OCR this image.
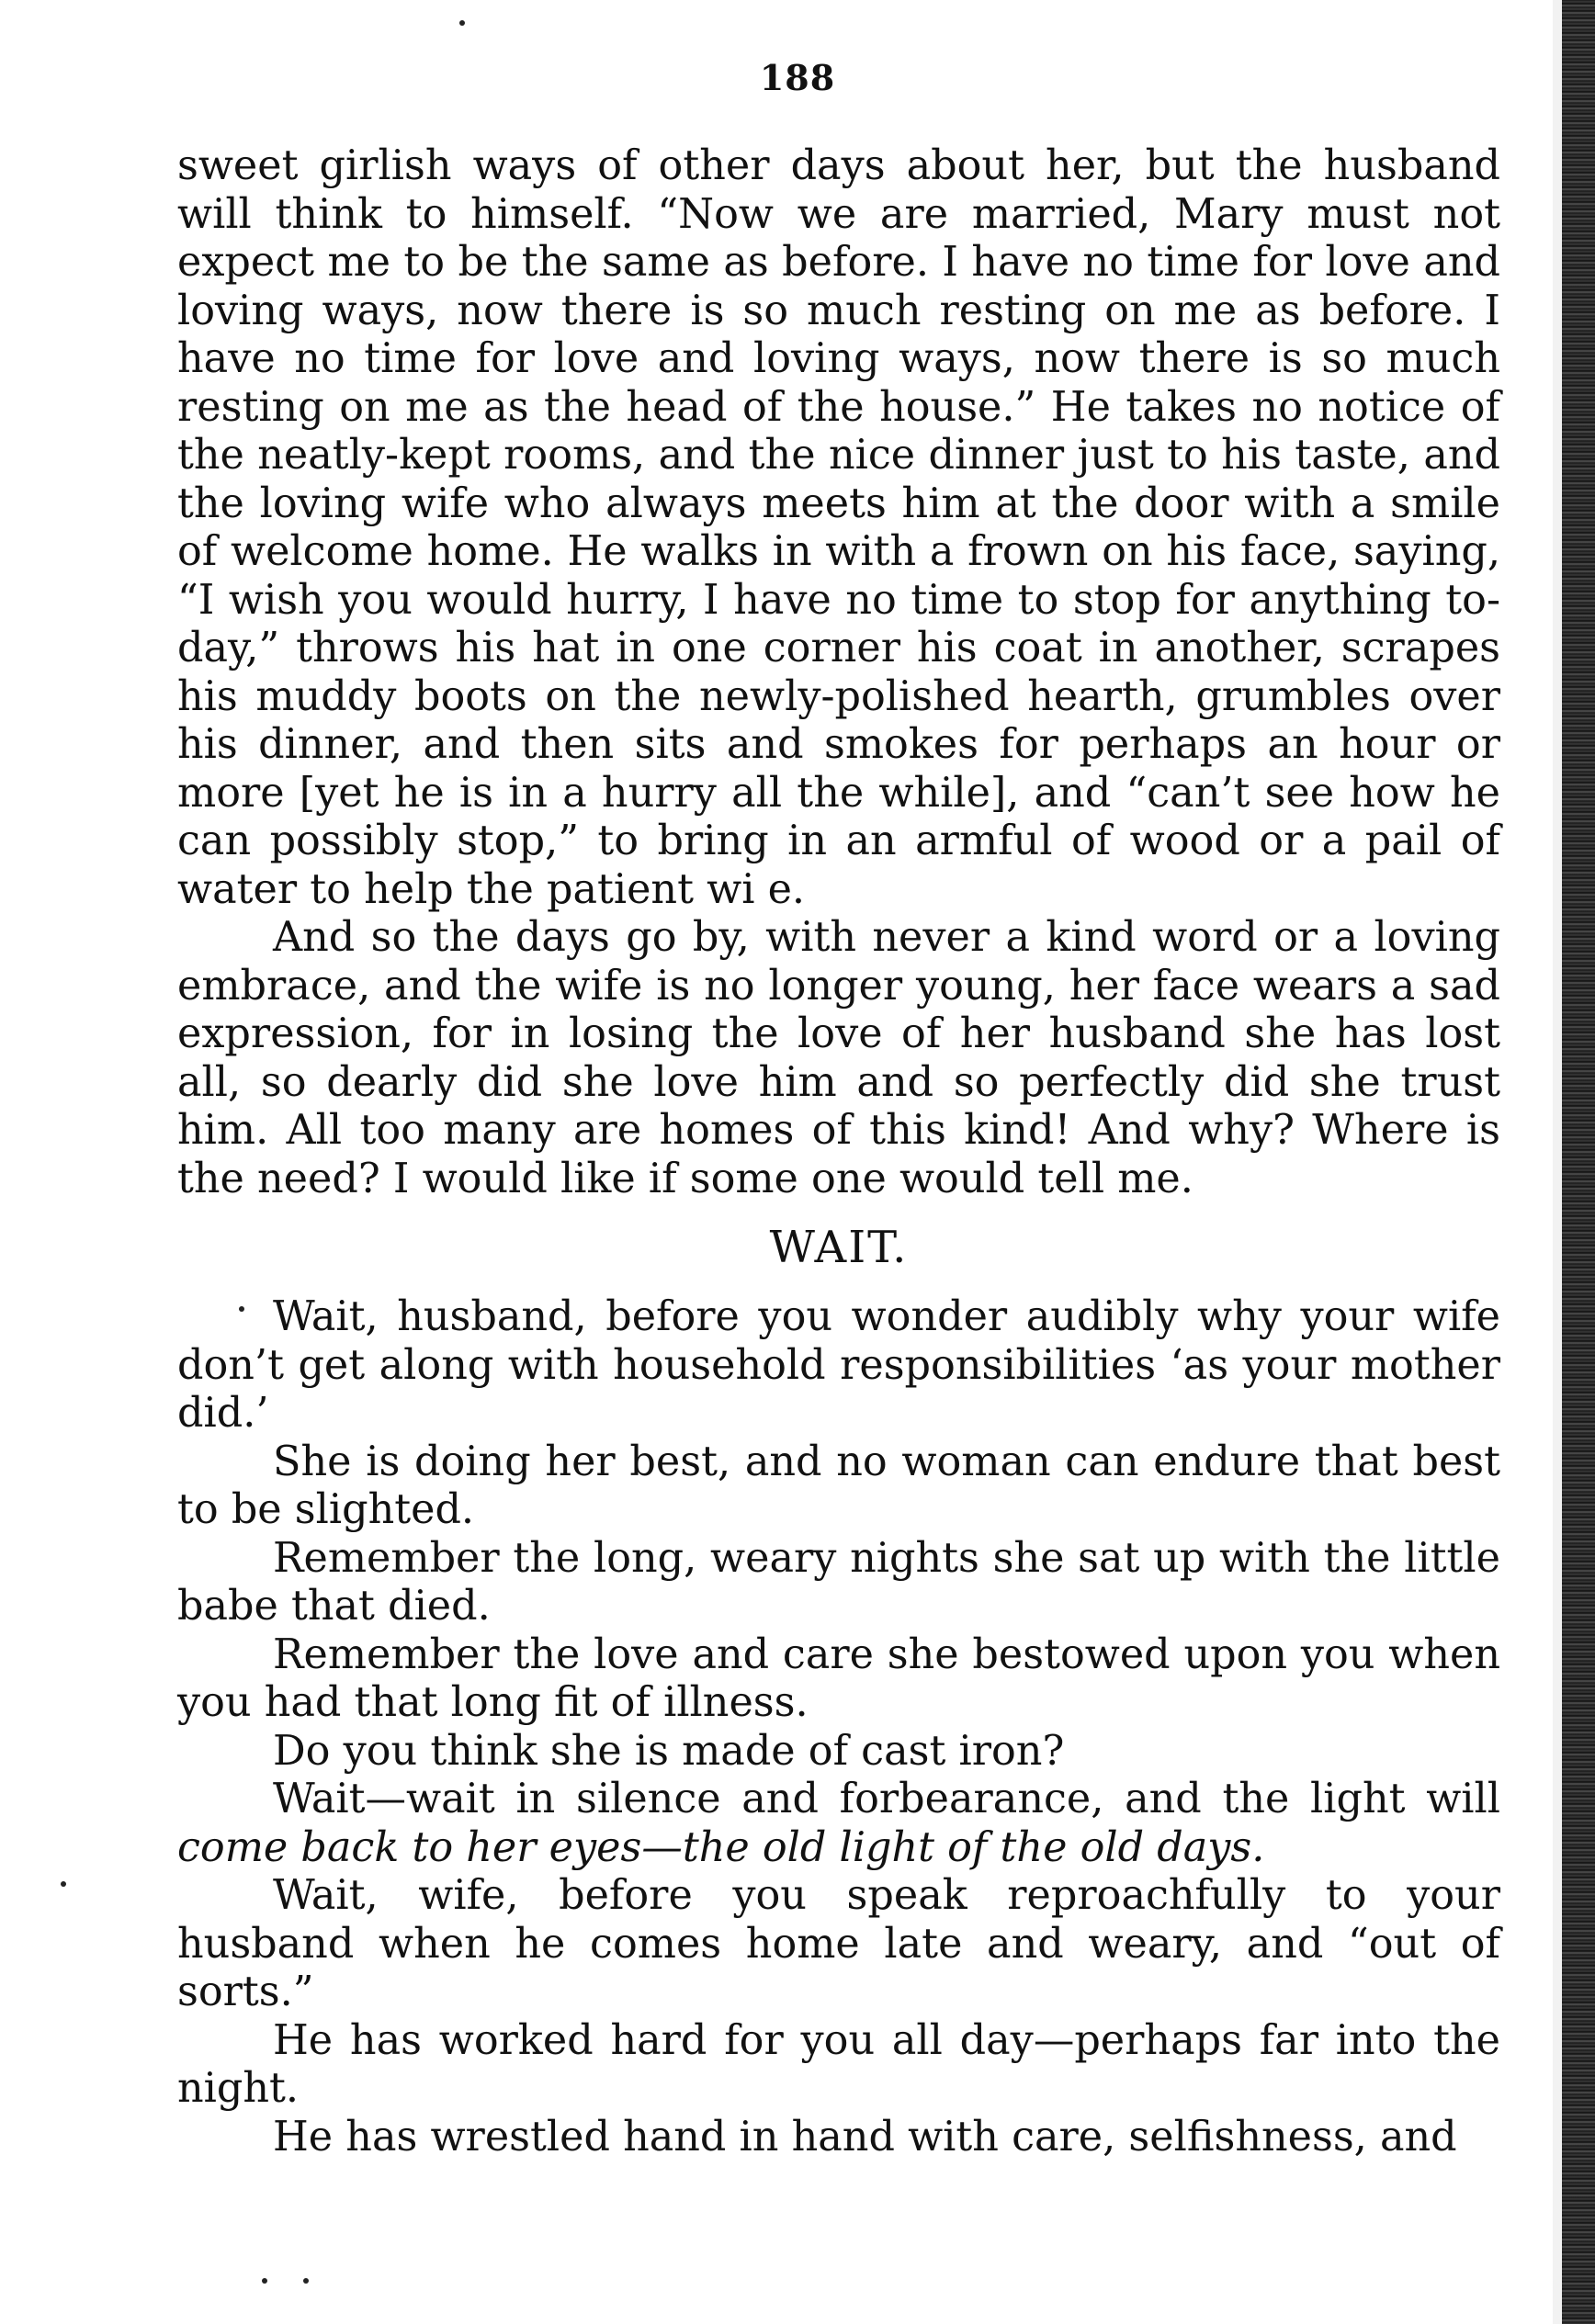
188

sweet girlish ways of other days about her, but the husband will think to himself. “Now we are married, Mary must not expect me to be the same as before. I have no time for love and loving ways, now there is so much resting on me as before. I have no time for love and loving ways, now there is so much resting on me as the head of the house.” He takes no notice of the neatly-kept rooms, and the nice dinner just to his taste, and the loving wife who always meets him at the door with a smile of welcome home. He walks in with a frown on his face, saying, “I wish you would hurry, I have no time to stop for anything to-day,” throws his hat in one corner his coat in another, scrapes his muddy boots on the newly-polished hearth, grumbles over his dinner, and then sits and smokes for perhaps an hour or more [yet he is in a hurry all the while], and “can’t see how he can possibly stop,” to bring in an armful of wood or a pail of water to help the patient wi e.

And so the days go by, with never a kind word or a loving embrace, and the wife is no longer young, her face wears a sad expression, for in losing the love of her husband she has lost all, so dearly did she love him and so perfectly did she trust him. All too many are homes of this kind! And why? Where is the need? I would like if some one would tell me.

WAIT.

Wait, husband, before you wonder audibly why your wife don’t get along with household responsibilities ‘as your mother did.’

She is doing her best, and no woman can endure that best to be slighted.

Remember the long, weary nights she sat up with the little babe that died.

Remember the love and care she bestowed upon you when you had that long fit of illness.

Do you think she is made of cast iron?

Wait—wait in silence and forbearance, and the light will come back to her eyes—the old light of the old days.

Wait, wife, before you speak reproachfully to your husband when he comes home late and weary, and “out of sorts.”

He has worked hard for you all day—perhaps far into the night.

He has wrestled hand in hand with care, selfishness, and
